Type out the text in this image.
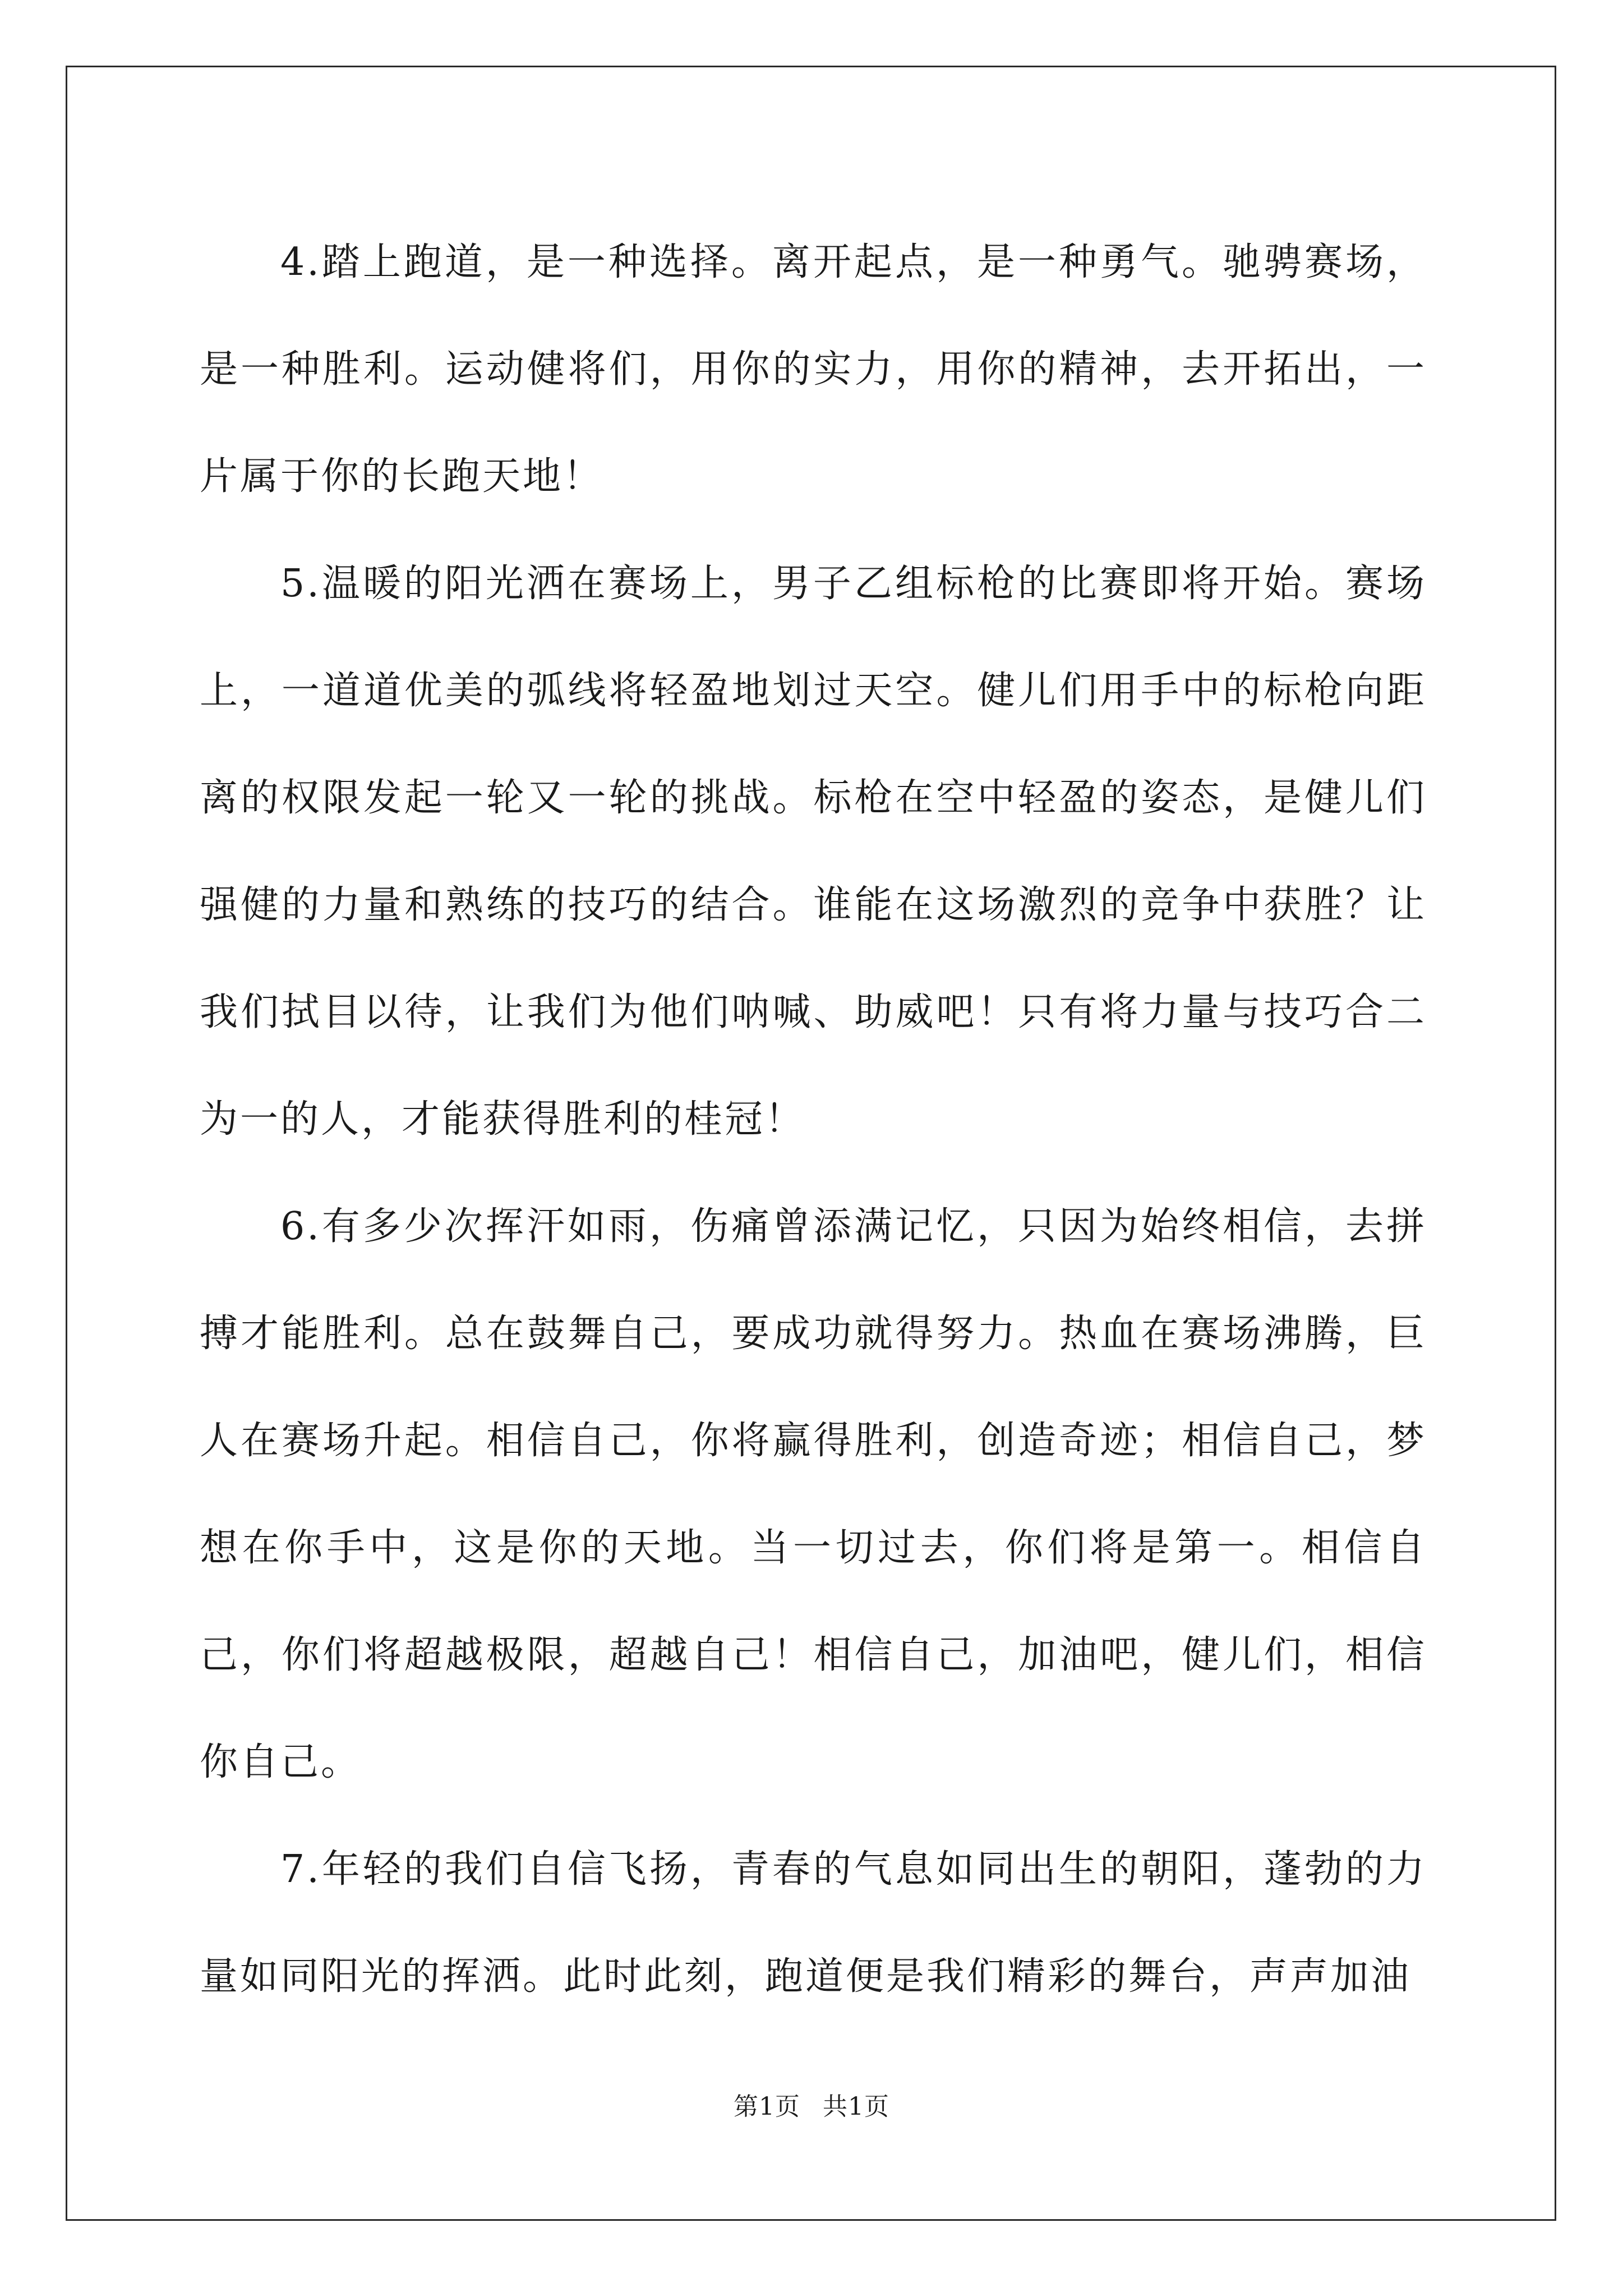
4.踏上跑道，是一种选择。离开起点，是一种勇气。驰骋赛场，是一种胜利。运动健将们，用你的实力，用你的精神，去开拓出，一片属于你的长跑天地！

5.温暖的阳光洒在赛场上，男子乙组标枪的比赛即将开始。赛场上，一道道优美的弧线将轻盈地划过天空。健儿们用手中的标枪向距离的权限发起一轮又一轮的挑战。标枪在空中轻盈的姿态，是健儿们强健的力量和熟练的技巧的结合。谁能在这场激烈的竞争中获胜？让我们拭目以待，让我们为他们呐喊、助威吧！只有将力量与技巧合二为一的人，才能获得胜利的桂冠！

6.有多少次挥汗如雨，伤痛曾添满记忆，只因为始终相信，去拼搏才能胜利。总在鼓舞自己，要成功就得努力。热血在赛场沸腾，巨人在赛场升起。相信自己，你将赢得胜利，创造奇迹；相信自己，梦想在你手中，这是你的天地。当一切过去，你们将是第一。相信自己，你们将超越极限，超越自己！相信自己，加油吧，健儿们，相信你自己。

7.年轻的我们自信飞扬，青春的气息如同出生的朝阳，蓬勃的力量如同阳光的挥洒。此时此刻，跑道便是我们精彩的舞台，声声加油

第1页 共1页
